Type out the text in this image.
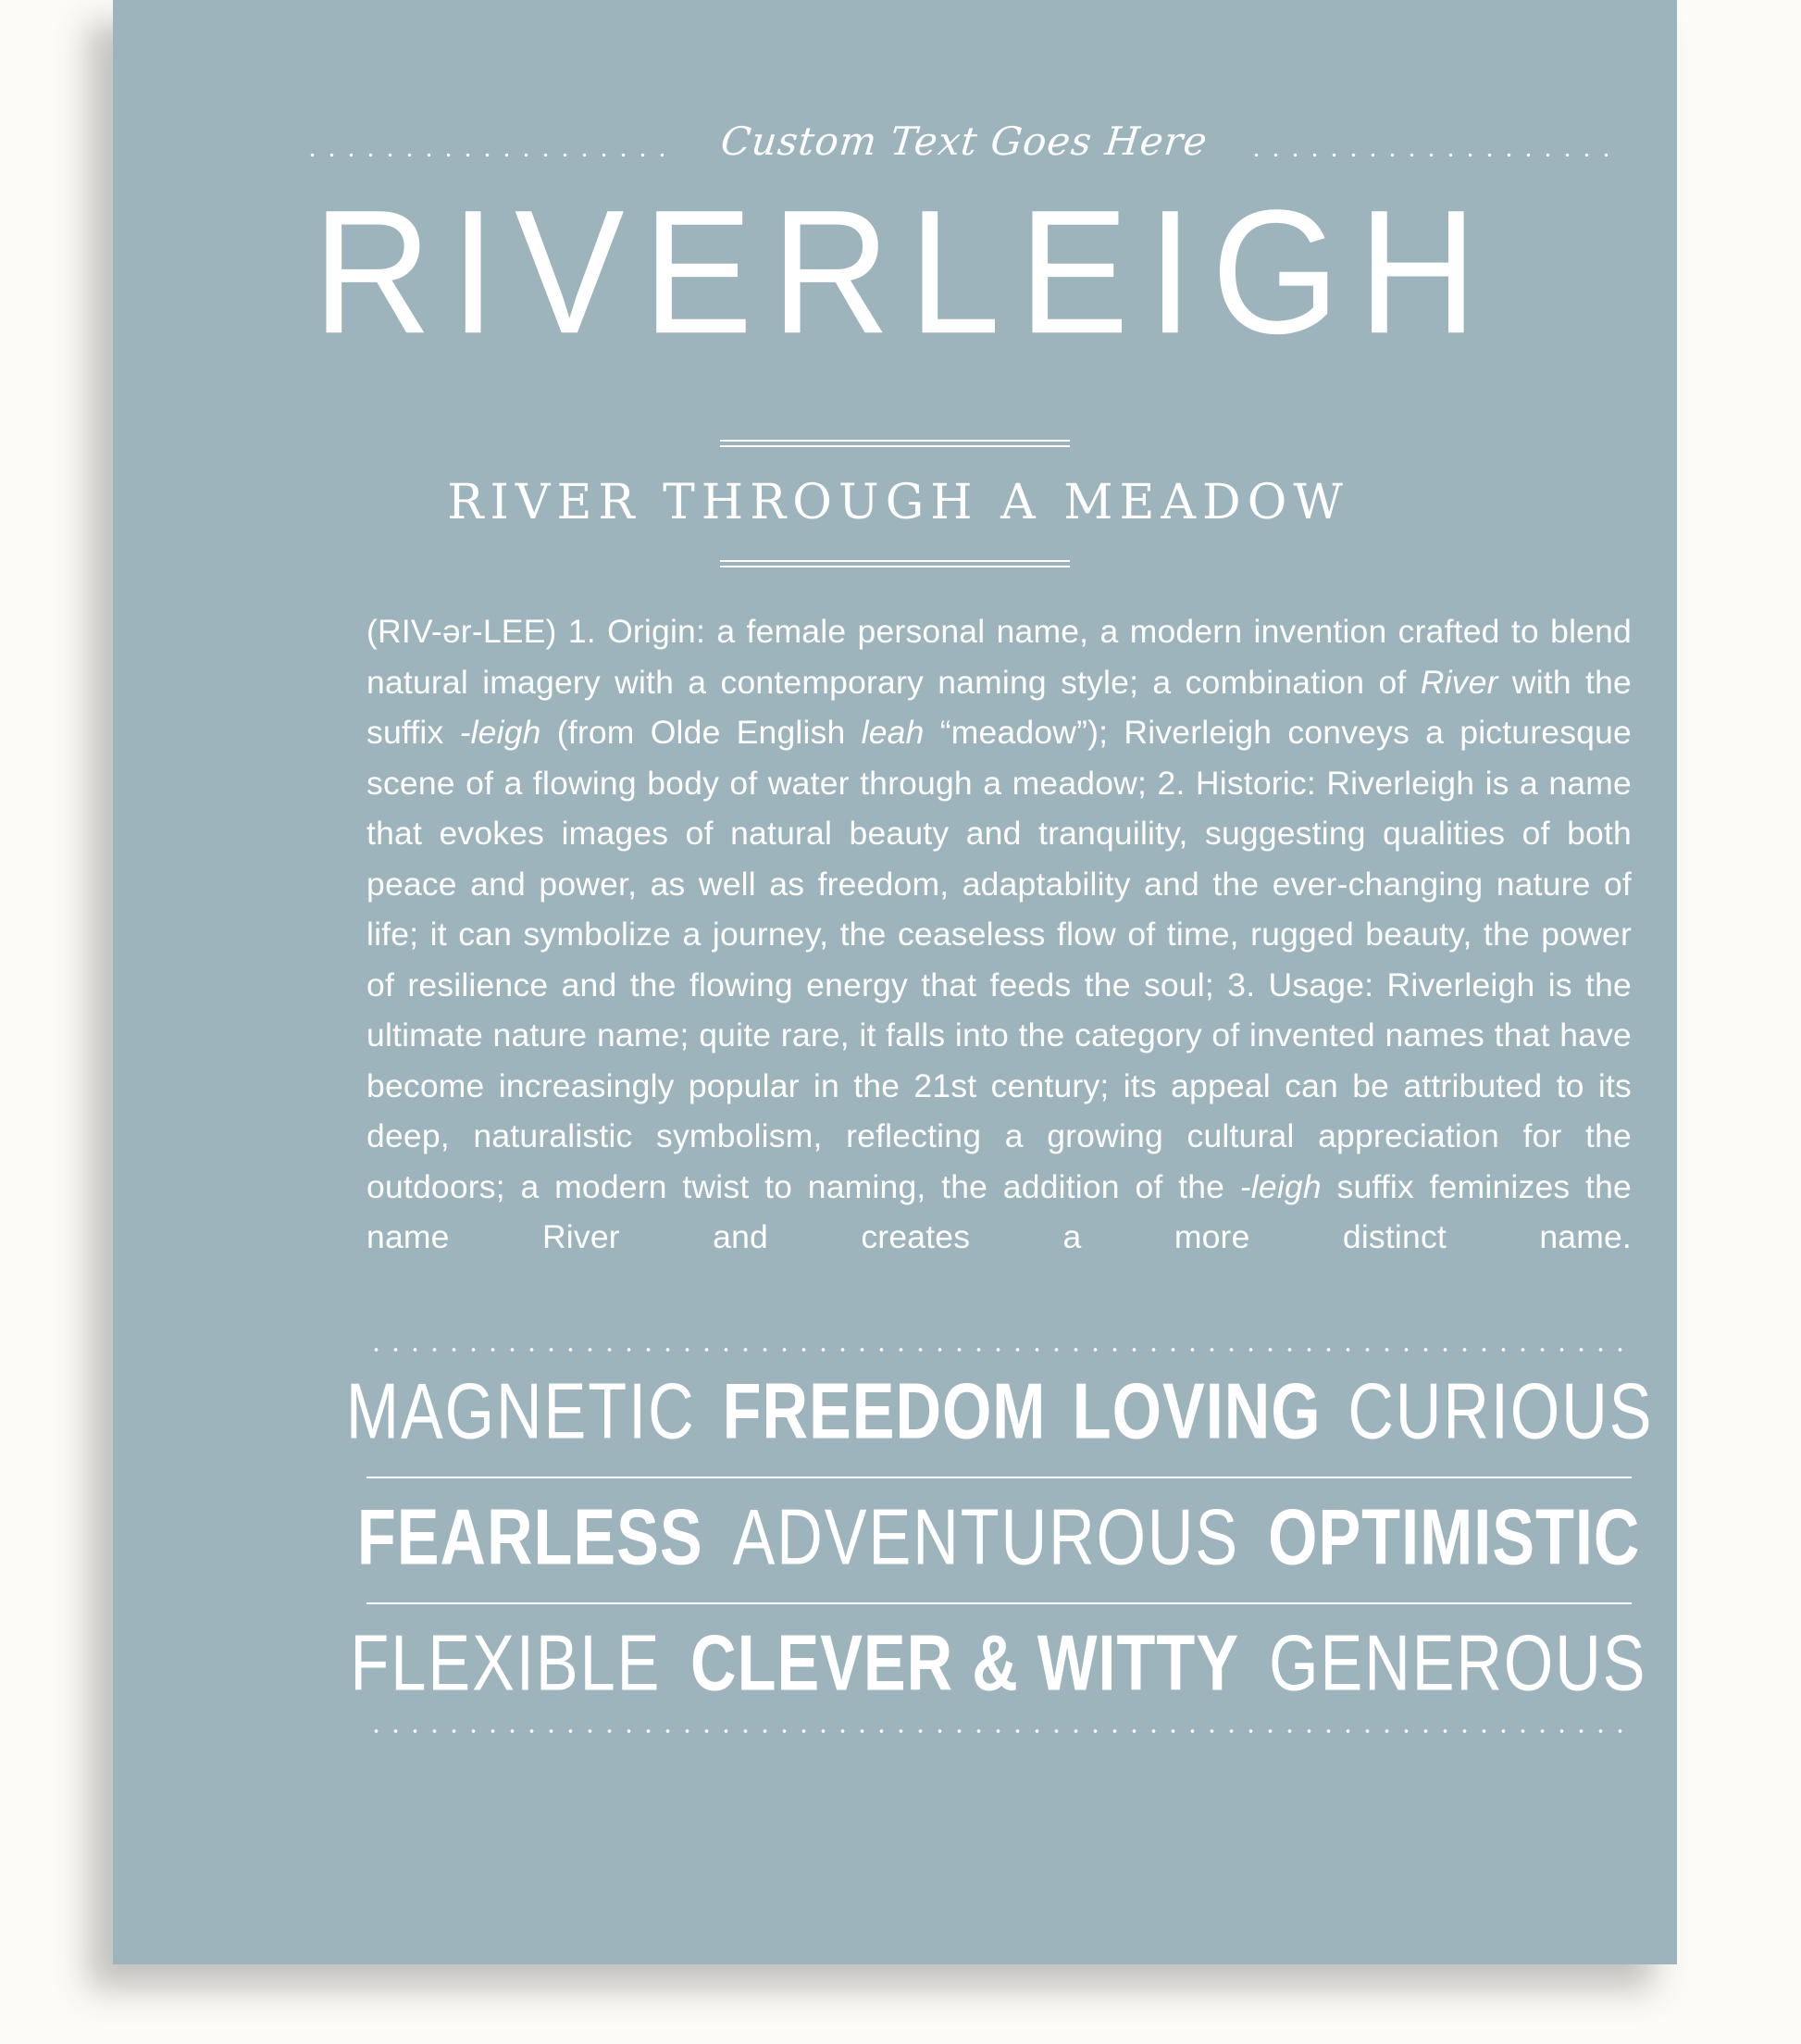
Custom Text Goes Here
RIVERLEIGH
RIVER THROUGH A MEADOW
(RIV-ər-LEE) 1. Origin: a female personal name, a modern invention crafted to blend natural imagery with a contemporary naming style; a combination of River with the suffix -leigh (from Olde English leah “meadow”); Riverleigh conveys a picturesque scene of a flowing body of water through a meadow; 2. Historic: Riverleigh is a name that evokes images of natural beauty and tranquility, suggesting qualities of both peace and power, as well as freedom, adaptability and the ever-changing nature of life; it can symbolize a journey, the ceaseless flow of time, rugged beauty, the power of resilience and the flowing energy that feeds the soul; 3. Usage: Riverleigh is the ultimate nature name; quite rare, it falls into the category of invented names that have become increasingly popular in the 21st century; its appeal can be attributed to its deep, naturalistic symbolism, reflecting a growing cultural appreciation for the outdoors; a modern twist to naming, the addition of the -leigh suffix feminizes the name River and creates a more distinct name.
MAGNETIC FREEDOM LOVING CURIOUS
FEARLESS ADVENTUROUS OPTIMISTIC
FLEXIBLE CLEVER & WITTY GENEROUS
